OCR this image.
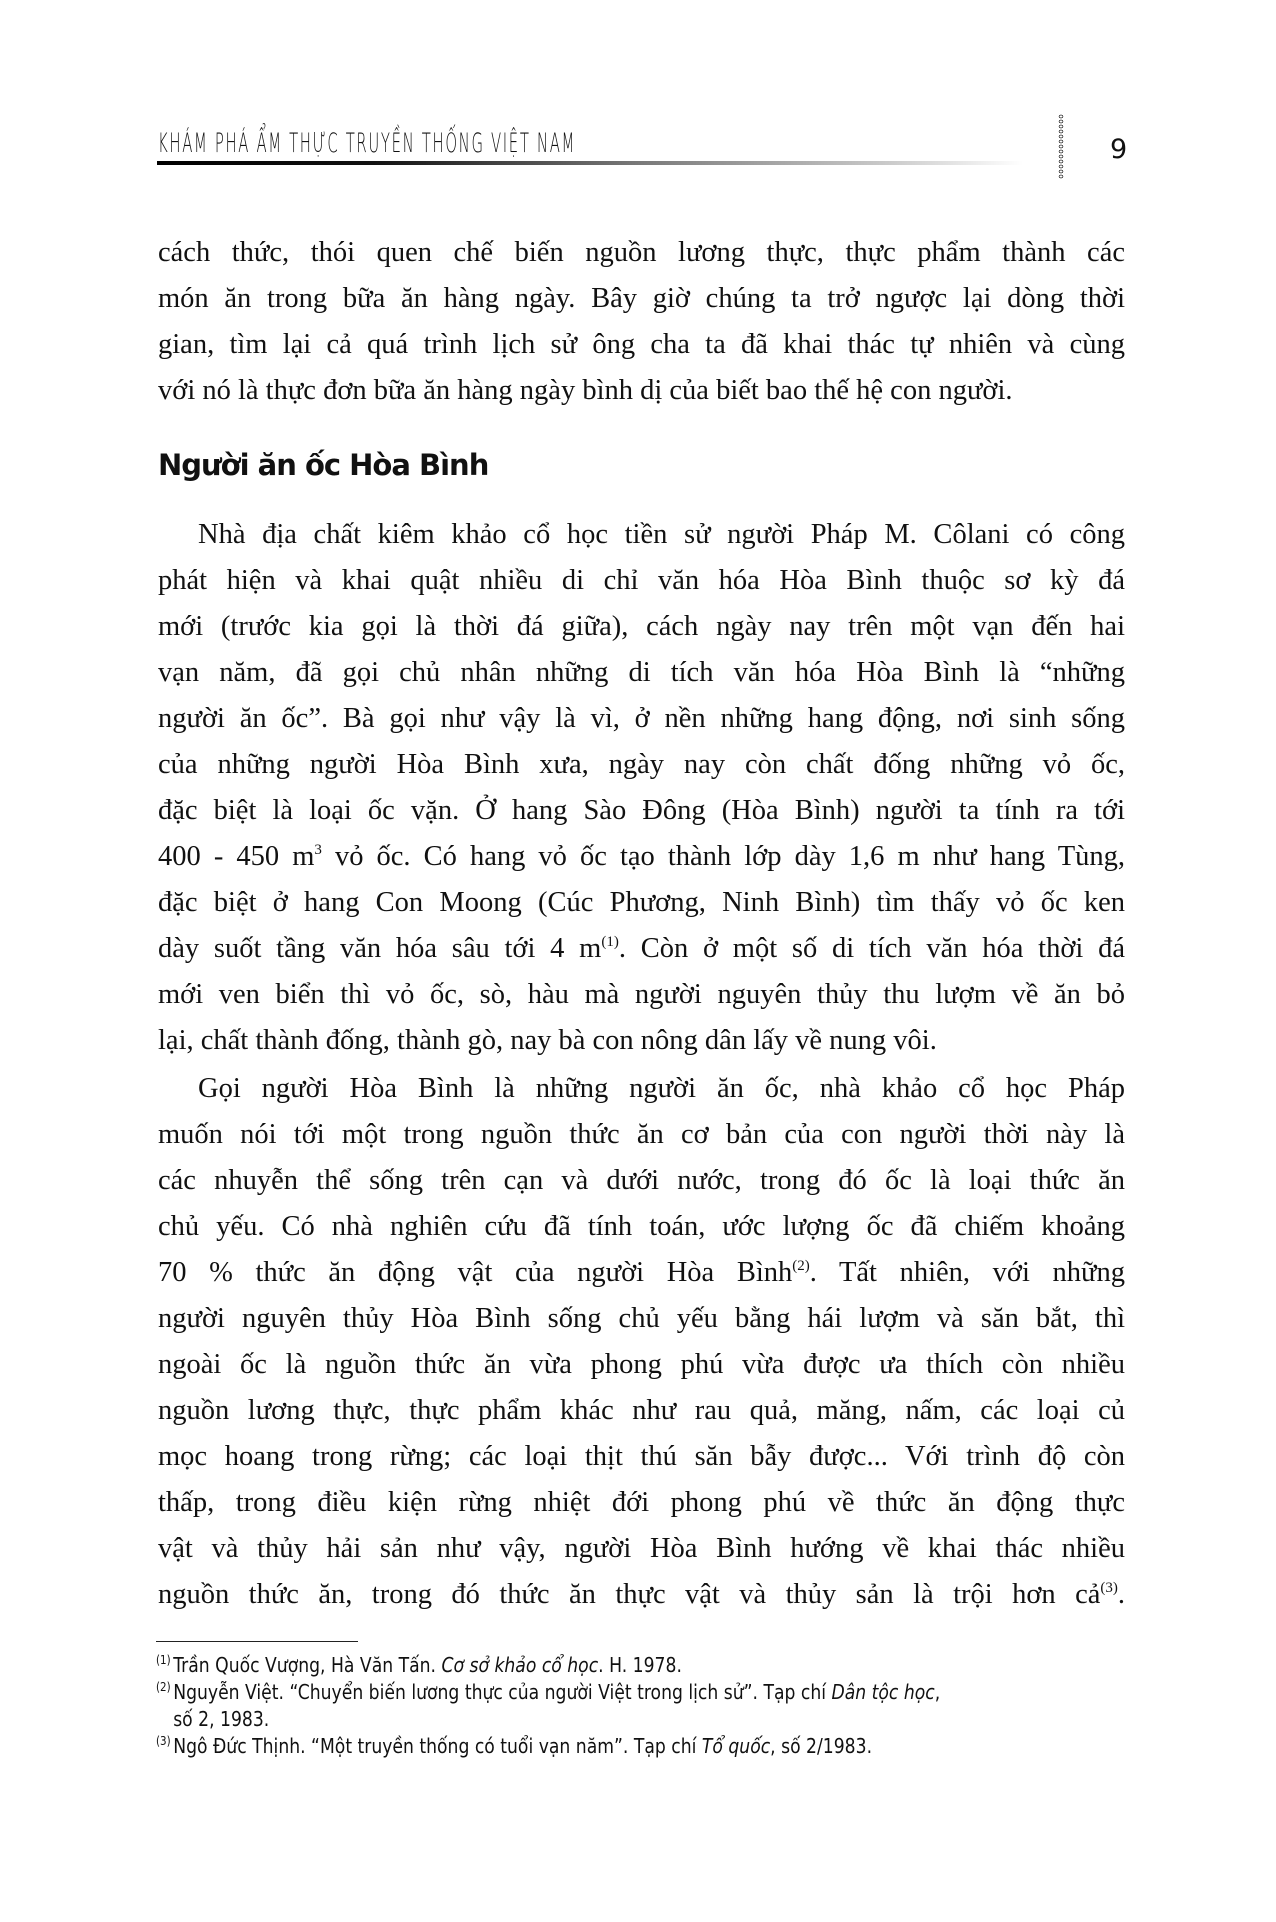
KHÁM PHÁ ẨM THỰC TRUYỀN THỐNG VIỆT NAM	9
cách thức, thói quen chế biến nguồn lương thực, thực phẩm thành các
món ăn trong bữa ăn hàng ngày. Bây giờ chúng ta trở ngược lại dòng thời
gian, tìm lại cả quá trình lịch sử ông cha ta đã khai thác tự nhiên và cùng
với nó là thực đơn bữa ăn hàng ngày bình dị của biết bao thế hệ con người.
Người ăn ốc Hòa Bình
Nhà địa chất kiêm khảo cổ học tiền sử người Pháp M. Côlani có công
phát hiện và khai quật nhiều di chỉ văn hóa Hòa Bình thuộc sơ kỳ đá
mới (trước kia gọi là thời đá giữa), cách ngày nay trên một vạn đến hai
vạn năm, đã gọi chủ nhân những di tích văn hóa Hòa Bình là “những
người ăn ốc”. Bà gọi như vậy là vì, ở nền những hang động, nơi sinh sống
của những người Hòa Bình xưa, ngày nay còn chất đống những vỏ ốc,
đặc biệt là loại ốc vặn. Ở hang Sào Đông (Hòa Bình) người ta tính ra tới
400 - 450 $m^3$ vỏ ốc. Có hang vỏ ốc tạo thành lớp dày 1,6 m như hang Tùng,
đặc biệt ở hang Con Moong (Cúc Phương, Ninh Bình) tìm thấy vỏ ốc ken
dày suốt tầng văn hóa sâu tới 4 $m^{(1)}$. Còn ở một số di tích văn hóa thời đá
mới ven biển thì vỏ ốc, sò, hàu mà người nguyên thủy thu lượm về ăn bỏ
lại, chất thành đống, thành gò, nay bà con nông dân lấy về nung vôi.
Gọi người Hòa Bình là những người ăn ốc, nhà khảo cổ học Pháp
muốn nói tới một trong nguồn thức ăn cơ bản của con người thời này là
các nhuyễn thể sống trên cạn và dưới nước, trong đó ốc là loại thức ăn
chủ yếu. Có nhà nghiên cứu đã tính toán, ước lượng ốc đã chiếm khoảng
70 % thức ăn động vật của người Hòa Bình$^{(2)}$. Tất nhiên, với những
người nguyên thủy Hòa Bình sống chủ yếu bằng hái lượm và săn bắt, thì
ngoài ốc là nguồn thức ăn vừa phong phú vừa được ưa thích còn nhiều
nguồn lương thực, thực phẩm khác như rau quả, măng, nấm, các loại củ
mọc hoang trong rừng; các loại thịt thú săn bẫy được... Với trình độ còn
thấp, trong điều kiện rừng nhiệt đới phong phú về thức ăn động thực
vật và thủy hải sản như vậy, người Hòa Bình hướng về khai thác nhiều
nguồn thức ăn, trong đó thức ăn thực vật và thủy sản là trội hơn cả$^{(3)}$.
$^{(1)}$ Trần Quốc Vượng, Hà Văn Tấn. Cơ sở khảo cổ học. H. 1978.
$^{(2)}$ Nguyễn Việt. “Chuyển biến lương thực của người Việt trong lịch sử”. Tạp chí Dân tộc học,
số 2, 1983.
$^{(3)}$ Ngô Đức Thịnh. “Một truyền thống có tuổi vạn năm”. Tạp chí Tổ quốc, số 2/1983.
